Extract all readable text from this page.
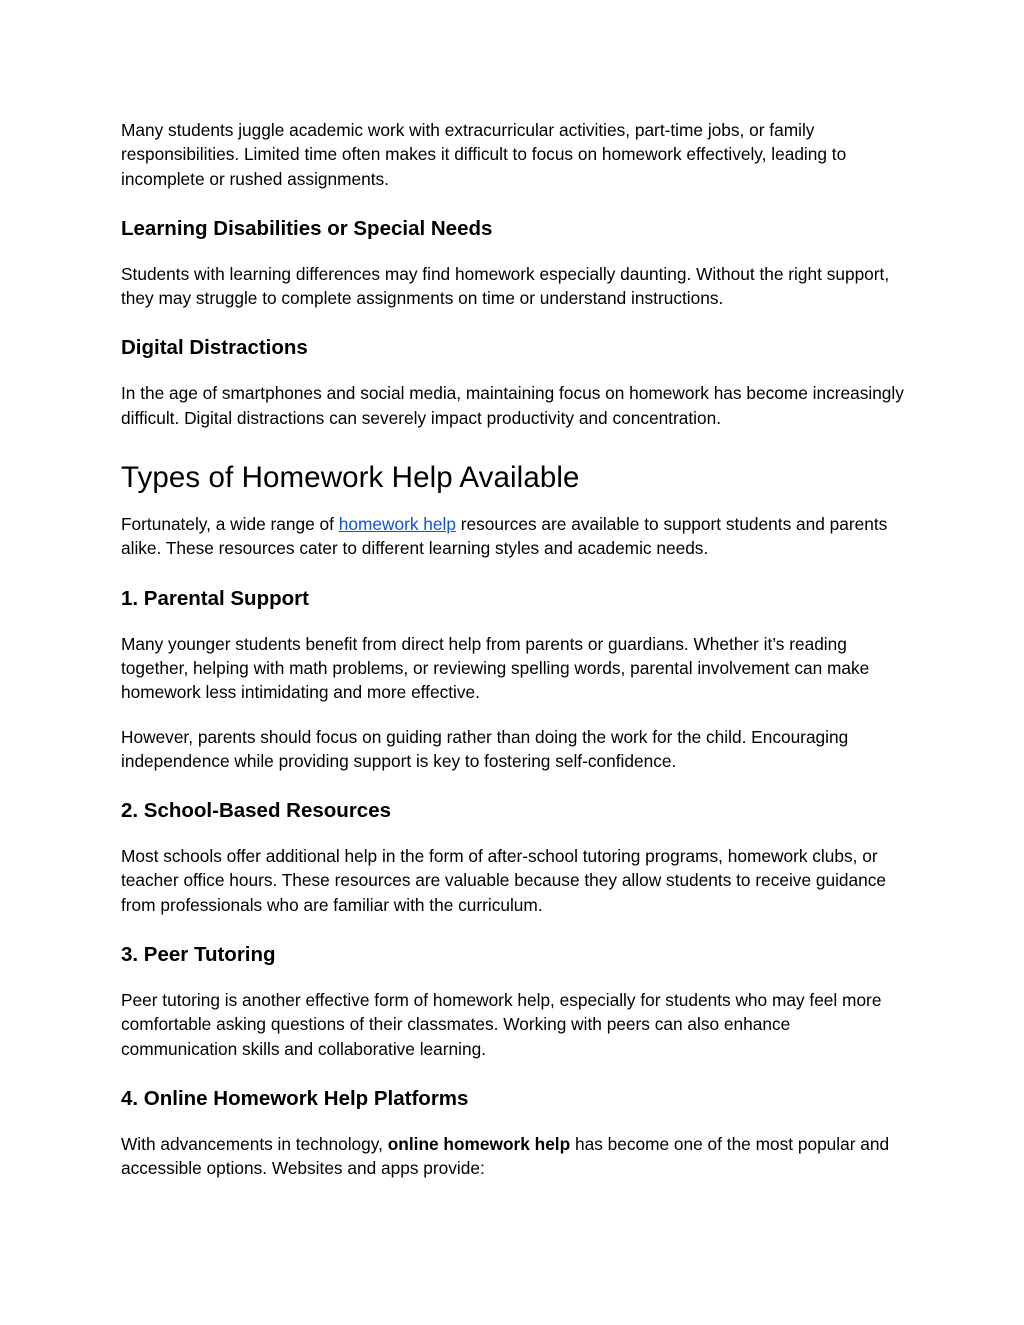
Many students juggle academic work with extracurricular activities, part-time jobs, or family responsibilities. Limited time often makes it difficult to focus on homework effectively, leading to incomplete or rushed assignments.

Learning Disabilities or Special Needs

Students with learning differences may find homework especially daunting. Without the right support, they may struggle to complete assignments on time or understand instructions.

Digital Distractions

In the age of smartphones and social media, maintaining focus on homework has become increasingly difficult. Digital distractions can severely impact productivity and concentration.

Types of Homework Help Available

Fortunately, a wide range of homework help resources are available to support students and parents alike. These resources cater to different learning styles and academic needs.

1. Parental Support

Many younger students benefit from direct help from parents or guardians. Whether it’s reading together, helping with math problems, or reviewing spelling words, parental involvement can make homework less intimidating and more effective.

However, parents should focus on guiding rather than doing the work for the child. Encouraging independence while providing support is key to fostering self-confidence.

2. School-Based Resources

Most schools offer additional help in the form of after-school tutoring programs, homework clubs, or teacher office hours. These resources are valuable because they allow students to receive guidance from professionals who are familiar with the curriculum.

3. Peer Tutoring

Peer tutoring is another effective form of homework help, especially for students who may feel more comfortable asking questions of their classmates. Working with peers can also enhance communication skills and collaborative learning.

4. Online Homework Help Platforms

With advancements in technology, online homework help has become one of the most popular and accessible options. Websites and apps provide:
